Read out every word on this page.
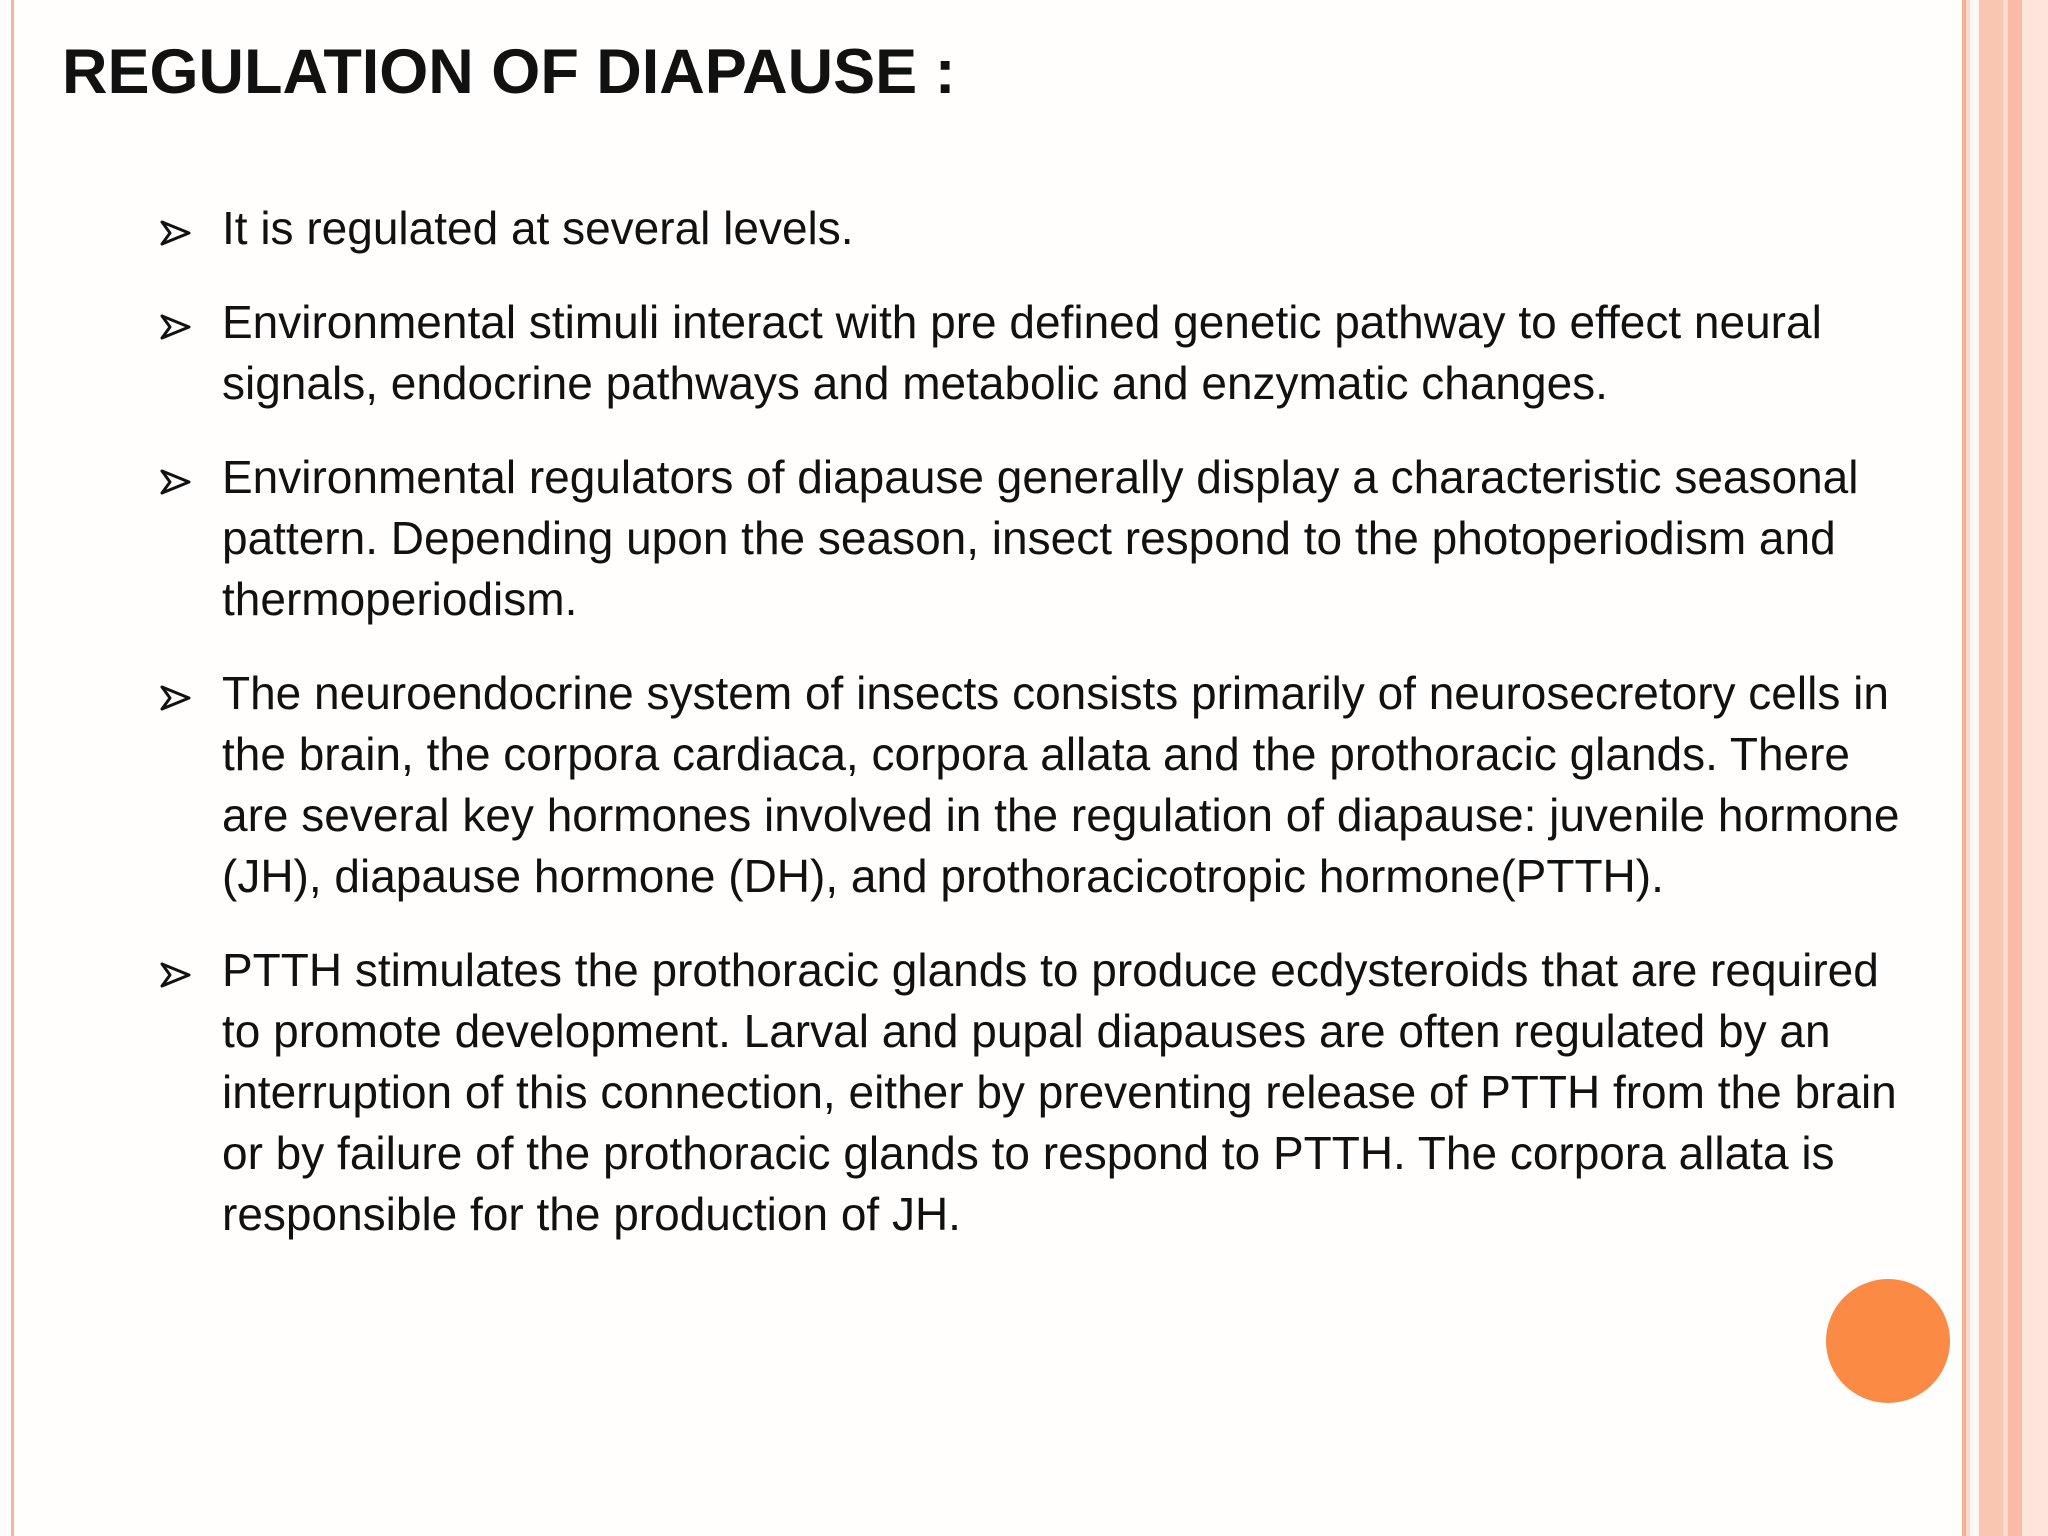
REGULATION OF DIAPAUSE :
It is regulated at several levels.
Environmental stimuli interact with pre defined genetic pathway to effect neural signals, endocrine pathways and metabolic and enzymatic changes.
Environmental regulators of diapause generally display a characteristic seasonal pattern. Depending upon the season, insect respond to the photoperiodism and thermoperiodism.
The neuroendocrine system of insects consists primarily of neurosecretory cells in the brain, the corpora cardiaca, corpora allata and the prothoracic glands. There are several key hormones involved in the regulation of diapause: juvenile hormone (JH), diapause hormone (DH), and prothoracicotropic hormone(PTTH).
PTTH stimulates the prothoracic glands to produce ecdysteroids that are required to promote development. Larval and pupal diapauses are often regulated by an interruption of this connection, either by preventing release of PTTH from the brain or by failure of the prothoracic glands to respond to PTTH. The corpora allata is responsible for the production of JH.
